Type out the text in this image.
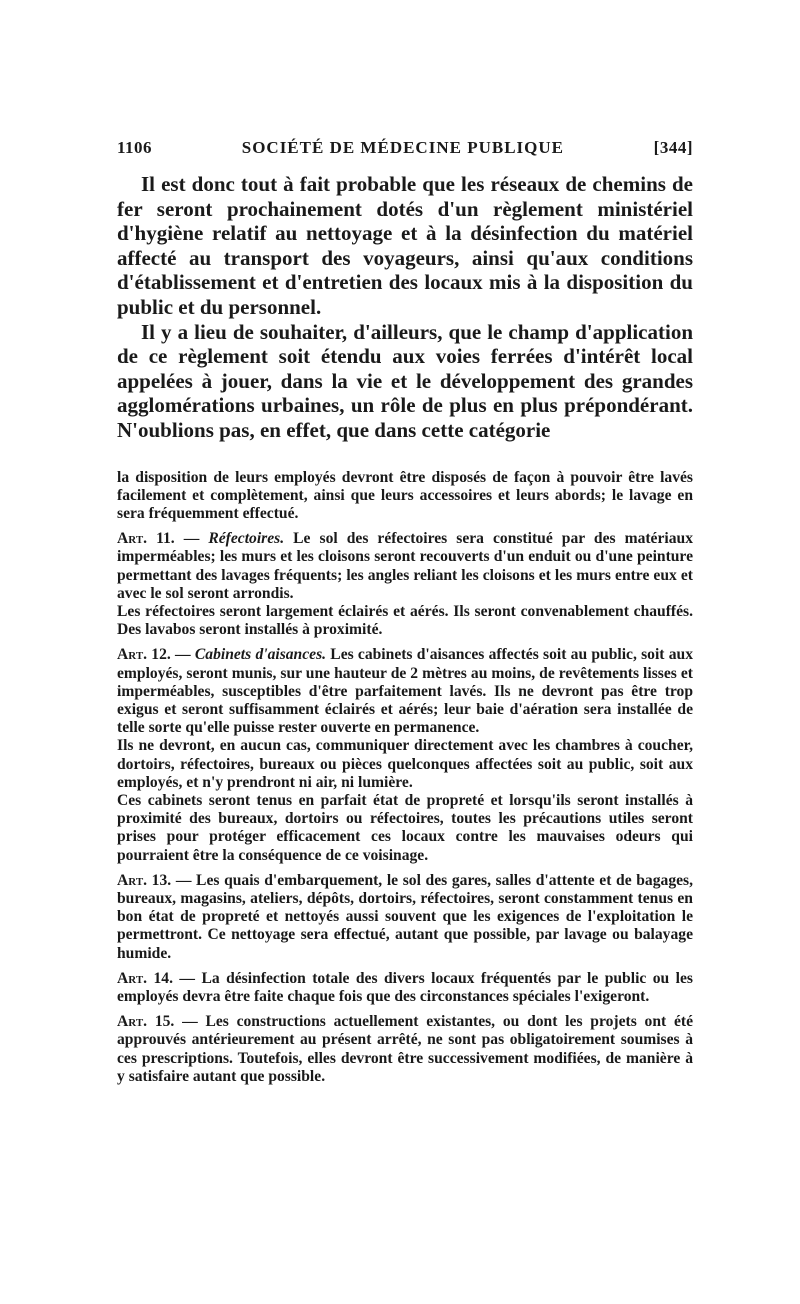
1106	SOCIÉTÉ DE MÉDECINE PUBLIQUE	[344]

Il est donc tout à fait probable que les réseaux de chemins de fer seront prochainement dotés d'un règlement ministériel d'hygiène relatif au nettoyage et à la désinfection du matériel affecté au transport des voyageurs, ainsi qu'aux conditions d'établissement et d'entretien des locaux mis à la disposition du public et du personnel.

Il y a lieu de souhaiter, d'ailleurs, que le champ d'application de ce règlement soit étendu aux voies ferrées d'intérêt local appelées à jouer, dans la vie et le développement des grandes agglomérations urbaines, un rôle de plus en plus prépondérant. N'oublions pas, en effet, que dans cette catégorie

la disposition de leurs employés devront être disposés de façon à pouvoir être lavés facilement et complètement, ainsi que leurs accessoires et leurs abords; le lavage en sera fréquemment effectué.

Art. 11. — Réfectoires. Le sol des réfectoires sera constitué par des matériaux imperméables; les murs et les cloisons seront recouverts d'un enduit ou d'une peinture permettant des lavages fréquents; les angles reliant les cloisons et les murs entre eux et avec le sol seront arrondis.

Les réfectoires seront largement éclairés et aérés. Ils seront convenablement chauffés. Des lavabos seront installés à proximité.

Art. 12. — Cabinets d'aisances. Les cabinets d'aisances affectés soit au public, soit aux employés, seront munis, sur une hauteur de 2 mètres au moins, de revêtements lisses et imperméables, susceptibles d'être parfaitement lavés. Ils ne devront pas être trop exigus et seront suffisamment éclairés et aérés; leur baie d'aération sera installée de telle sorte qu'elle puisse rester ouverte en permanence.

Ils ne devront, en aucun cas, communiquer directement avec les chambres à coucher, dortoirs, réfectoires, bureaux ou pièces quelconques affectées soit au public, soit aux employés, et n'y prendront ni air, ni lumière.

Ces cabinets seront tenus en parfait état de propreté et lorsqu'ils seront installés à proximité des bureaux, dortoirs ou réfectoires, toutes les précautions utiles seront prises pour protéger efficacement ces locaux contre les mauvaises odeurs qui pourraient être la conséquence de ce voisinage.

Art. 13. — Les quais d'embarquement, le sol des gares, salles d'attente et de bagages, bureaux, magasins, ateliers, dépôts, dortoirs, réfectoires, seront constamment tenus en bon état de propreté et nettoyés aussi souvent que les exigences de l'exploitation le permettront. Ce nettoyage sera effectué, autant que possible, par lavage ou balayage humide.

Art. 14. — La désinfection totale des divers locaux fréquentés par le public ou les employés devra être faite chaque fois que des circonstances spéciales l'exigeront.

Art. 15. — Les constructions actuellement existantes, ou dont les projets ont été approuvés antérieurement au présent arrêté, ne sont pas obligatoirement soumises à ces prescriptions. Toutefois, elles devront être successivement modifiées, de manière à y satisfaire autant que possible.
